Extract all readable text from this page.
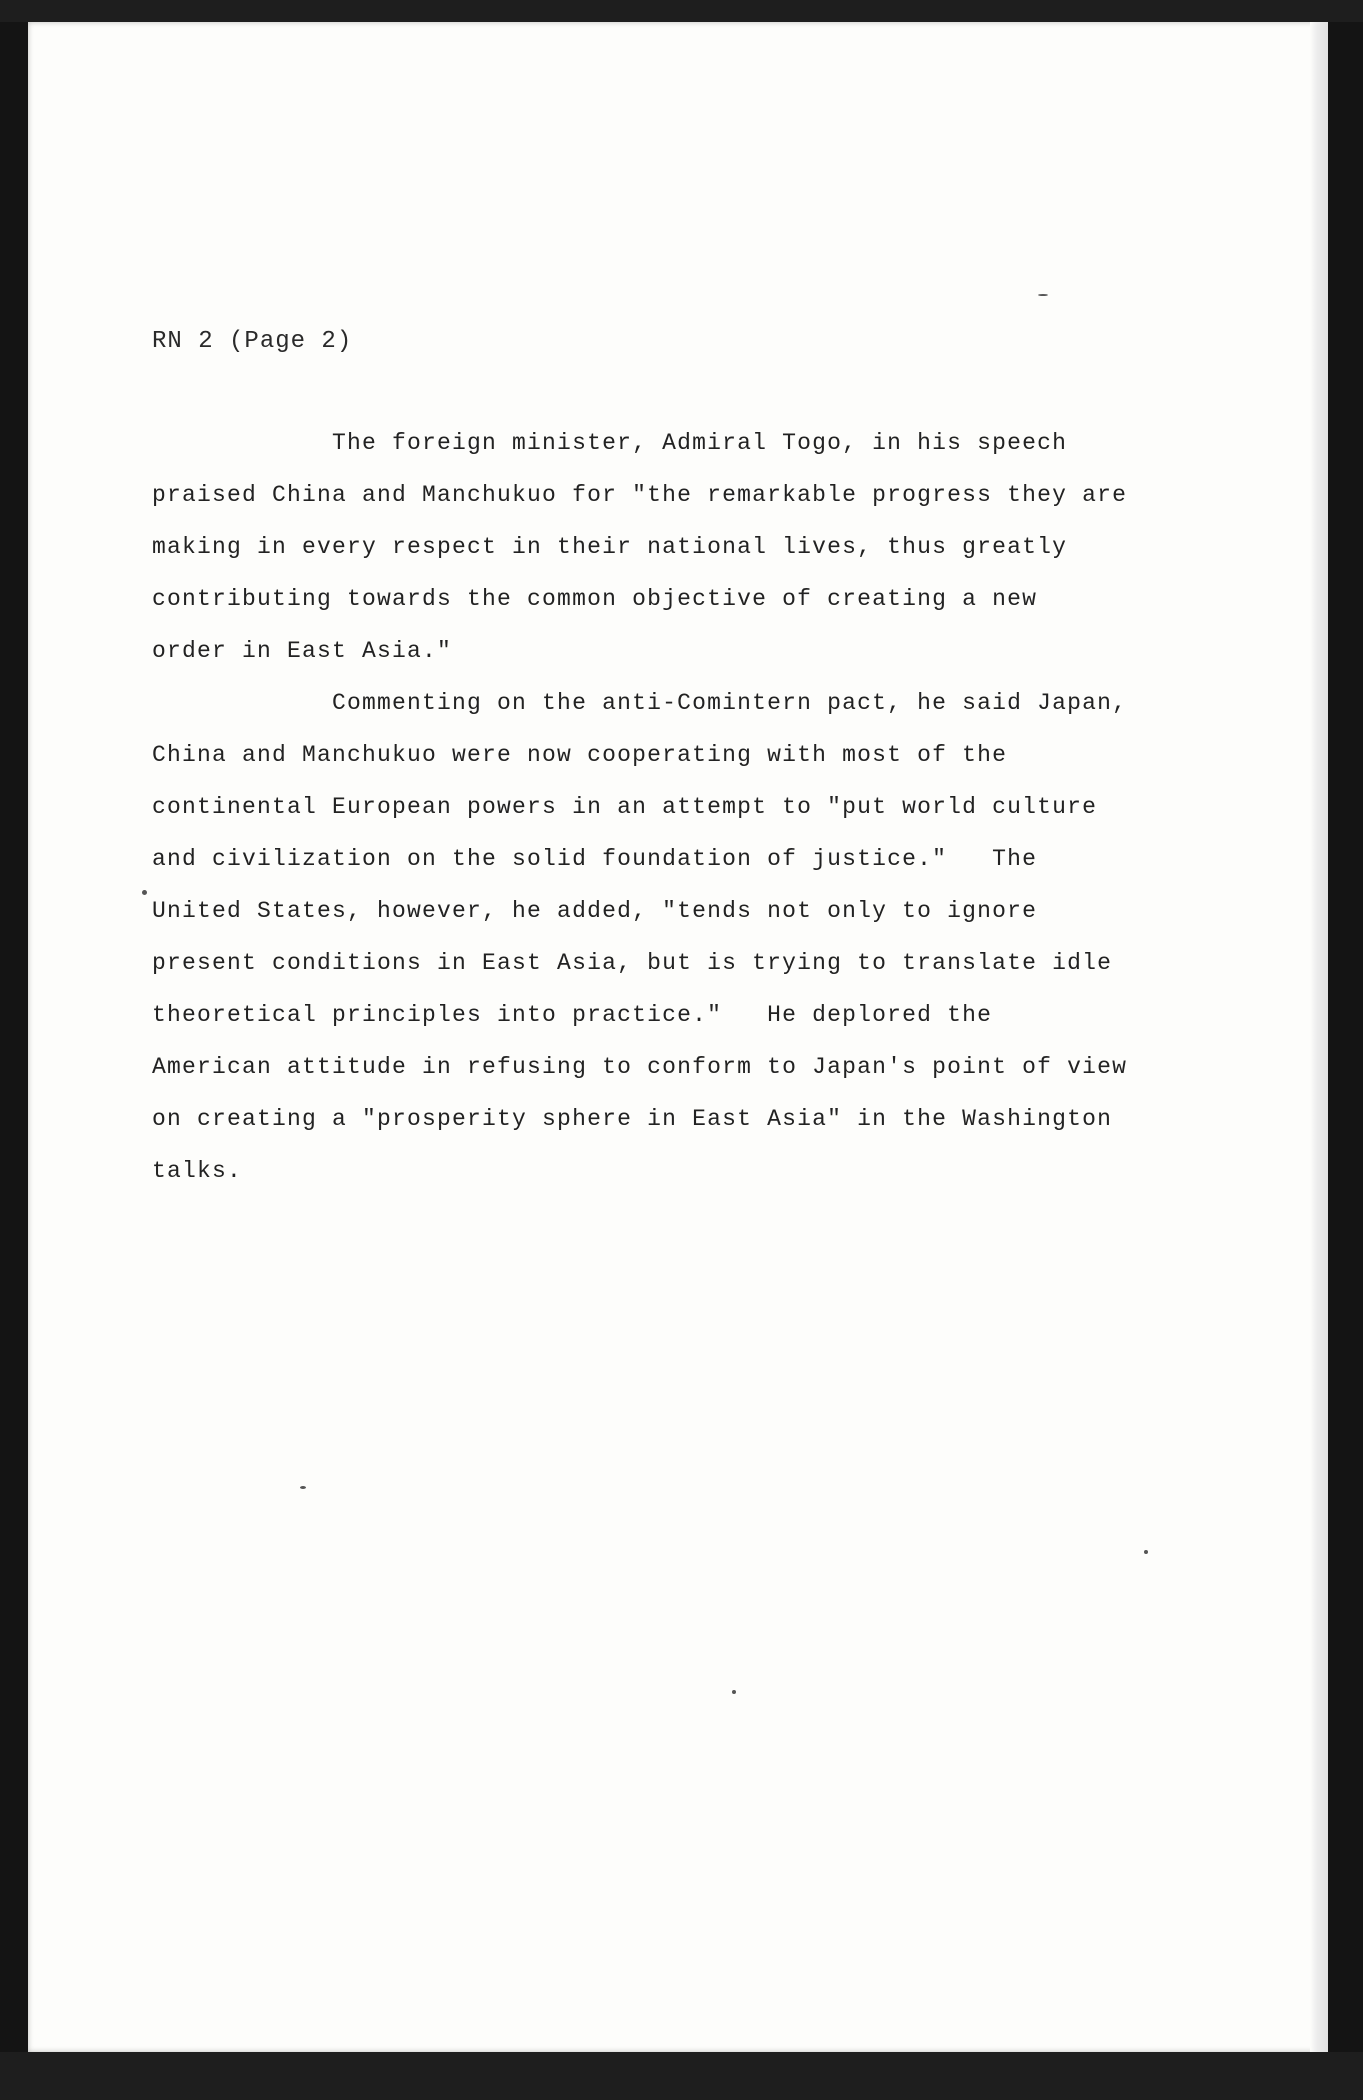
RN 2 (Page 2)
The foreign minister, Admiral Togo, in his speech
praised China and Manchukuo for "the remarkable progress they are
making in every respect in their national lives, thus greatly
contributing towards the common objective of creating a new
order in East Asia."
Commenting on the anti-Comintern pact, he said Japan,
China and Manchukuo were now cooperating with most of the
continental European powers in an attempt to "put world culture
and civilization on the solid foundation of justice."   The
United States, however, he added, "tends not only to ignore
present conditions in East Asia, but is trying to translate idle
theoretical principles into practice."   He deplored the
American attitude in refusing to conform to Japan's point of view
on creating a "prosperity sphere in East Asia" in the Washington
talks.
